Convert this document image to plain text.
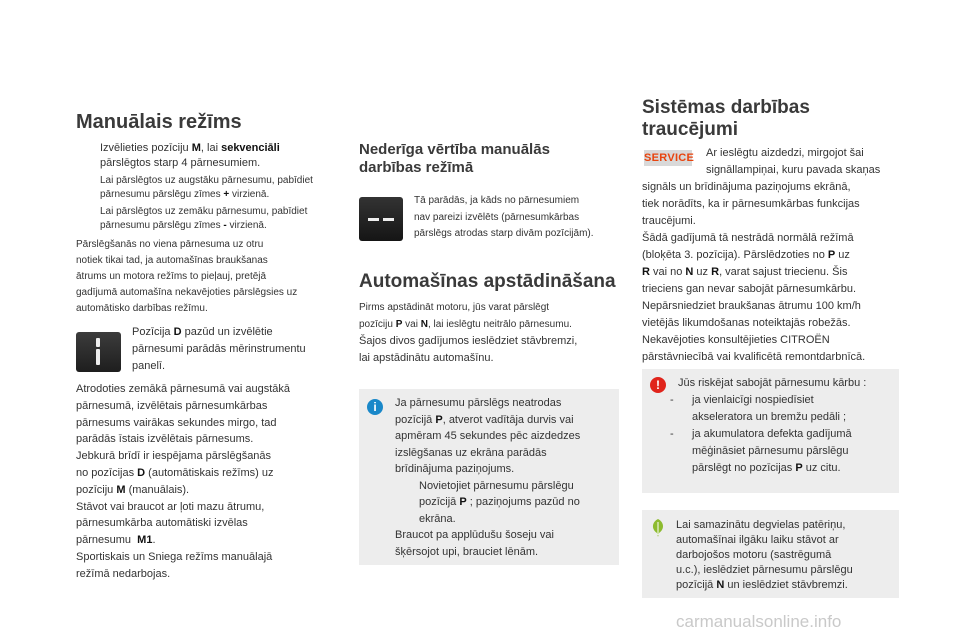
Manuālais režīms
Izvēlieties pozīciju M, lai sekvenciāli
pārslēgtos starp 4 pārnesumiem.
Lai pārslēgtos uz augstāku pārnesumu, pabīdiet
pārnesumu pārslēgu zīmes + virzienā.
Lai pārslēgtos uz zemāku pārnesumu, pabīdiet
pārnesumu pārslēgu zīmes - virzienā.
Pārslēgšanās no viena pārnesuma uz otru
notiek tikai tad, ja automašīnas braukšanas
ātrums un motora režīms to pieļauj, pretējā
gadījumā automašīna nekavējoties pārslēgsies uz
automātisko darbības režīmu.
Pozīcija D pazūd un izvēlētie
pārnesumi parādās mērinstrumentu
panelī.
Atrodoties zemākā pārnesumā vai augstākā
pārnesumā, izvēlētais pārnesumkārbas
pārnesums vairākas sekundes mirgo, tad
parādās īstais izvēlētais pārnesums.
Jebkurā brīdī ir iespējama pārslēgšanās
no pozīcijas D (automātiskais režīms) uz
pozīciju M (manuālais).
Stāvot vai braucot ar ļoti mazu ātrumu,
pārnesumkārba automātiski izvēlas
pārnesumu  M1.
Sportiskais un Sniega režīms manuālajā
režīmā nedarbojas.
Nederīga vērtība manuālās
darbības režīmā
Tā parādās, ja kāds no pārnesumiem
nav pareizi izvēlēts (pārnesumkārbas
pārslēgs atrodas starp divām pozīcijām).
Automašīnas apstādināšana
Pirms apstādināt motoru, jūs varat pārslēgt
pozīciju P vai N, lai ieslēgtu neitrālo pārnesumu.
Šajos divos gadījumos ieslēdziet stāvbremzi,
lai apstādinātu automašīnu.
i	Ja pārnesumu pārslēgs neatrodas
pozīcijā P, atverot vadītāja durvis vai
apmēram 45 sekundes pēc aizdedzes
izslēgšanas uz ekrāna parādās
brīdinājuma paziņojums.
Novietojiet pārnesumu pārslēgu
pozīcijā P ; paziņojums pazūd no
ekrāna.
Braucot pa applūdušu šoseju vai
šķērsojot upi, brauciet lēnām.
Sistēmas darbības
traucējumi
SERVICE Ar ieslēgtu aizdedzi, mirgojot šai
signāllampiņai, kuru pavada skaņas
signāls un brīdinājuma paziņojums ekrānā,
tiek norādīts, ka ir pārnesumkārbas funkcijas
traucējumi.
Šādā gadījumā tā nestrādā normālā režīmā
(bloķēta 3. pozīcija). Pārslēdzoties no P uz
R vai no N uz R, varat sajust triecienu. Šis
trieciens gan nevar sabojāt pārnesumkārbu.
Nepārsniedziet braukšanas ātrumu 100 km/h
vietējās likumdošanas noteiktajās robežās.
Nekavējoties konsultējieties CITROËN
pārstāvniecībā vai kvalificētā remontdarbnīcā.
!	Jūs riskējat sabojāt pārnesumu kārbu :
- ja vienlaicīgi nospiedīsiet
akseleratora un bremžu pedāli ;
- ja akumulatora defekta gadījumā
mēģināsiet pārnesumu pārslēgu
pārslēgt no pozīcijas P uz citu.
Lai samazinātu degvielas patēriņu,
automašīnai ilgāku laiku stāvot ar
darbojošos motoru (sastrēgumā
u.c.), ieslēdziet pārnesumu pārslēgu
pozīcijā N un ieslēdziet stāvbremzi.
carmanualsonline.info
